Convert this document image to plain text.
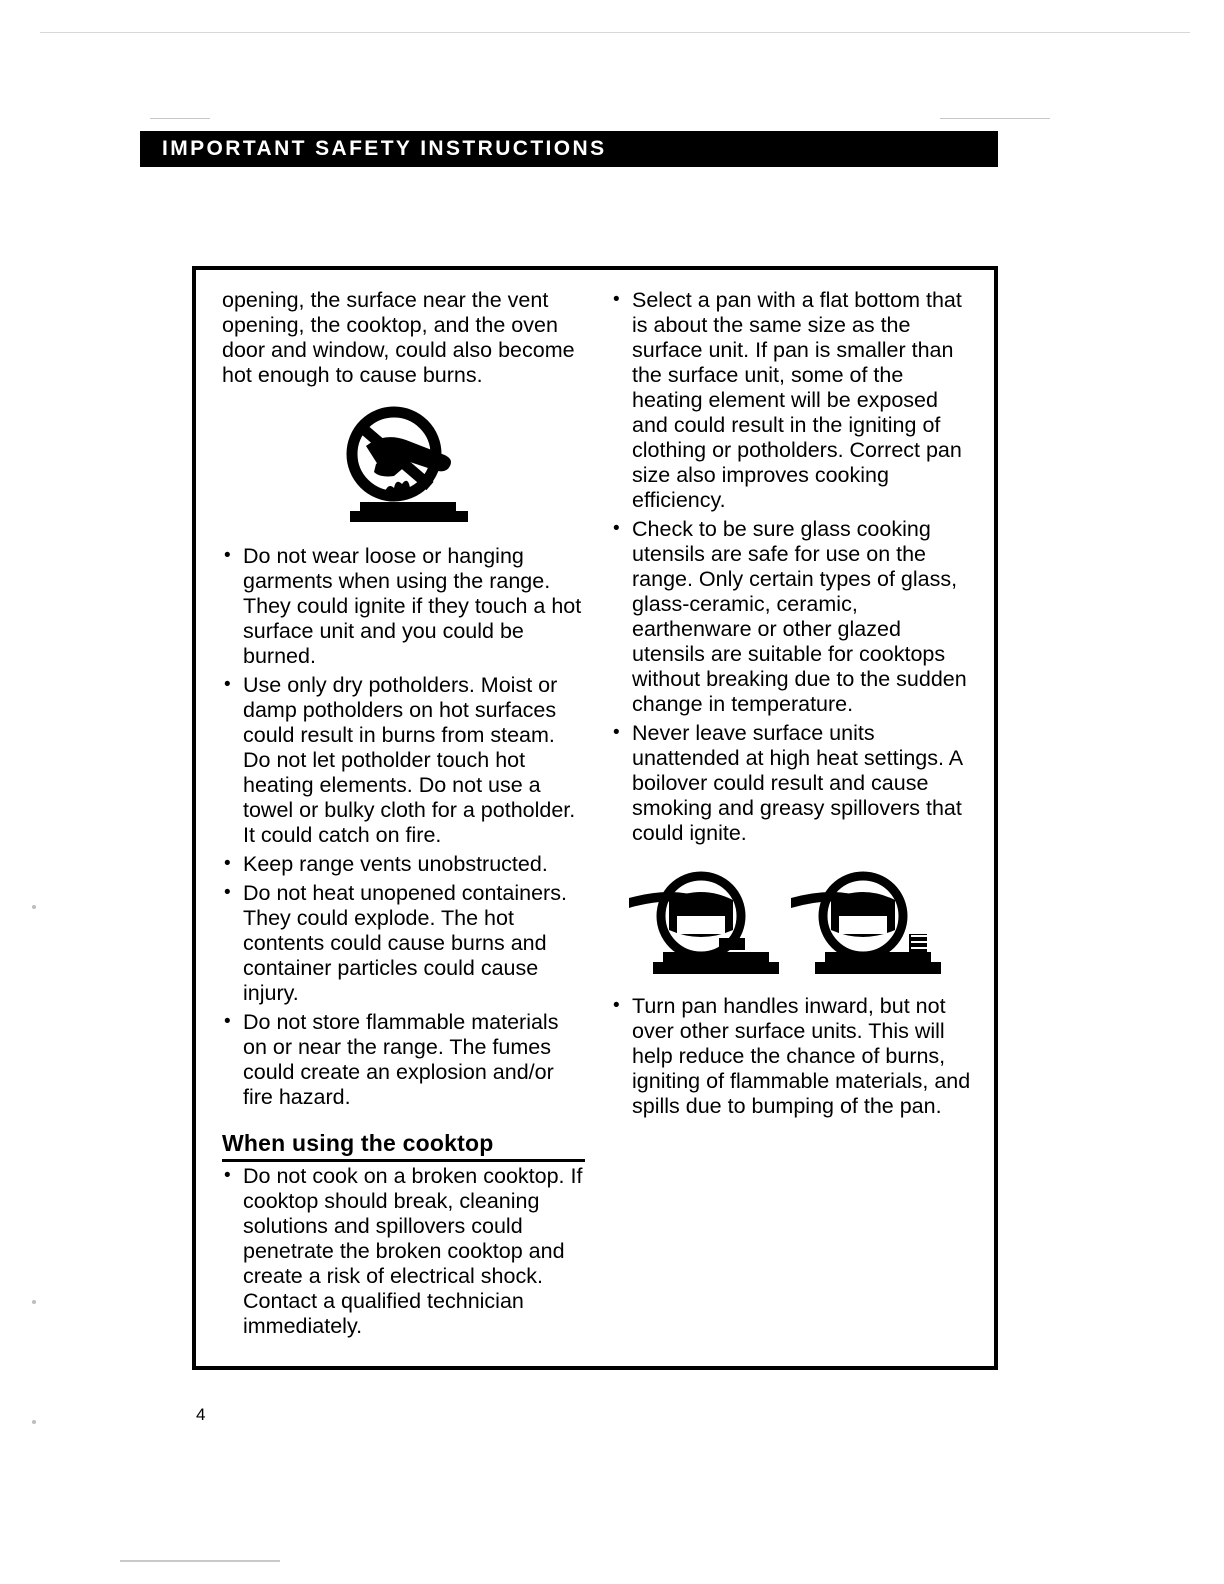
IMPORTANT SAFETY INSTRUCTIONS

opening, the surface near the vent opening, the cooktop, and the oven door and window, could also become hot enough to cause burns.

• Do not wear loose or hanging garments when using the range. They could ignite if they touch a hot surface unit and you could be burned.
• Use only dry potholders. Moist or damp potholders on hot surfaces could result in burns from steam. Do not let potholder touch hot heating elements. Do not use a towel or bulky cloth for a potholder. It could catch on fire.
• Keep range vents unobstructed.
• Do not heat unopened containers. They could explode. The hot contents could cause burns and container particles could cause injury.
• Do not store flammable materials on or near the range. The fumes could create an explosion and/or fire hazard.
When using the cooktop
• Do not cook on a broken cooktop. If cooktop should break, cleaning solutions and spillovers could penetrate the broken cooktop and create a risk of electrical shock. Contact a qualified technician immediately.
• Select a pan with a flat bottom that is about the same size as the surface unit. If pan is smaller than the surface unit, some of the heating element will be exposed and could result in the igniting of clothing or potholders. Correct pan size also improves cooking efficiency.
• Check to be sure glass cooking utensils are safe for use on the range. Only certain types of glass, glass-ceramic, ceramic, earthenware or other glazed utensils are suitable for cooktops without breaking due to the sudden change in temperature.
• Never leave surface units unattended at high heat settings. A boilover could result and cause smoking and greasy spillovers that could ignite.
• Turn pan handles inward, but not over other surface units. This will help reduce the chance of burns, igniting of flammable materials, and spills due to bumping of the pan.
4
